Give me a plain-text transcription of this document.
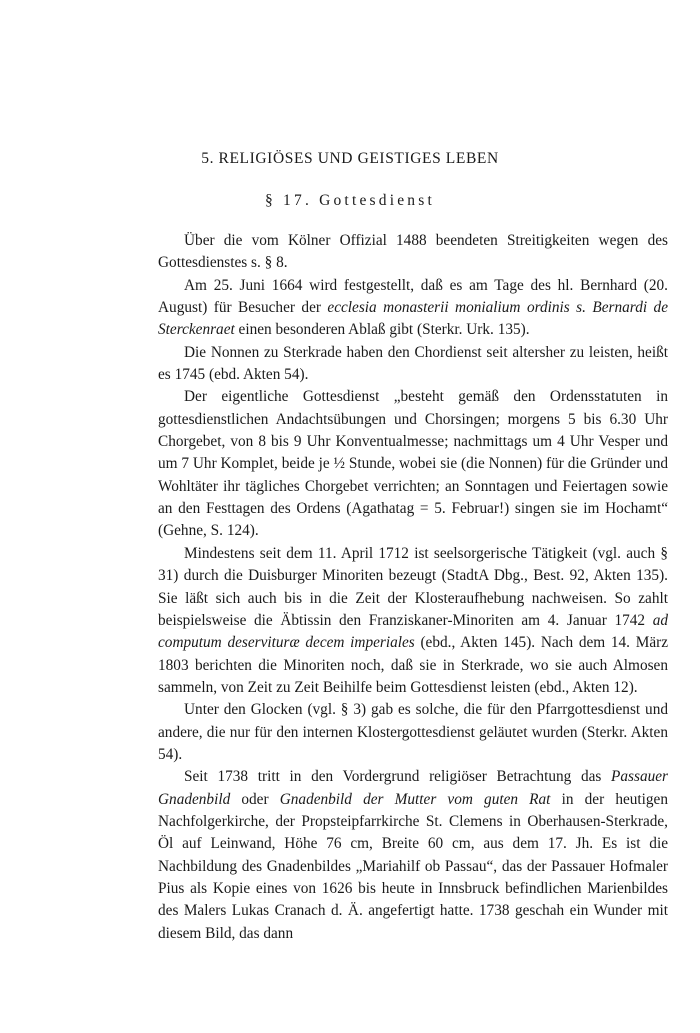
5. RELIGIÖSES UND GEISTIGES LEBEN
§ 17. Gottesdienst

Über die vom Kölner Offizial 1488 beendeten Streitigkeiten wegen des Gottesdienstes s. § 8.

Am 25. Juni 1664 wird festgestellt, daß es am Tage des hl. Bernhard (20. August) für Besucher der ecclesia monasterii monialium ordinis s. Bernardi de Sterckenraet einen besonderen Ablaß gibt (Sterkr. Urk. 135).

Die Nonnen zu Sterkrade haben den Chordienst seit altersher zu leisten, heißt es 1745 (ebd. Akten 54).

Der eigentliche Gottesdienst „besteht gemäß den Ordensstatuten in gottesdienstlichen Andachtsübungen und Chorsingen; morgens 5 bis 6.30 Uhr Chorgebet, von 8 bis 9 Uhr Konventualmesse; nachmittags um 4 Uhr Vesper und um 7 Uhr Komplet, beide je ½ Stunde, wobei sie (die Nonnen) für die Gründer und Wohltäter ihr tägliches Chorgebet verrichten; an Sonntagen und Feiertagen sowie an den Festtagen des Ordens (Agathatag = 5. Februar!) singen sie im Hochamt“ (Gehne, S. 124).

Mindestens seit dem 11. April 1712 ist seelsorgerische Tätigkeit (vgl. auch § 31) durch die Duisburger Minoriten bezeugt (StadtA Dbg., Best. 92, Akten 135). Sie läßt sich auch bis in die Zeit der Klosteraufhebung nachweisen. So zahlt beispielsweise die Äbtissin den Franziskaner-Minoriten am 4. Januar 1742 ad computum deservituræ decem imperiales (ebd., Akten 145). Nach dem 14. März 1803 berichten die Minoriten noch, daß sie in Sterkrade, wo sie auch Almosen sammeln, von Zeit zu Zeit Beihilfe beim Gottesdienst leisten (ebd., Akten 12).

Unter den Glocken (vgl. § 3) gab es solche, die für den Pfarrgottesdienst und andere, die nur für den internen Klostergottesdienst geläutet wurden (Sterkr. Akten 54).

Seit 1738 tritt in den Vordergrund religiöser Betrachtung das Passauer Gnadenbild oder Gnadenbild der Mutter vom guten Rat in der heutigen Nachfolgerkirche, der Propsteipfarrkirche St. Clemens in Oberhausen-Sterkrade, Öl auf Leinwand, Höhe 76 cm, Breite 60 cm, aus dem 17. Jh. Es ist die Nachbildung des Gnadenbildes „Mariahilf ob Passau“, das der Passauer Hofmaler Pius als Kopie eines von 1626 bis heute in Innsbruck befindlichen Marienbildes des Malers Lukas Cranach d. Ä. angefertigt hatte. 1738 geschah ein Wunder mit diesem Bild, das dann
